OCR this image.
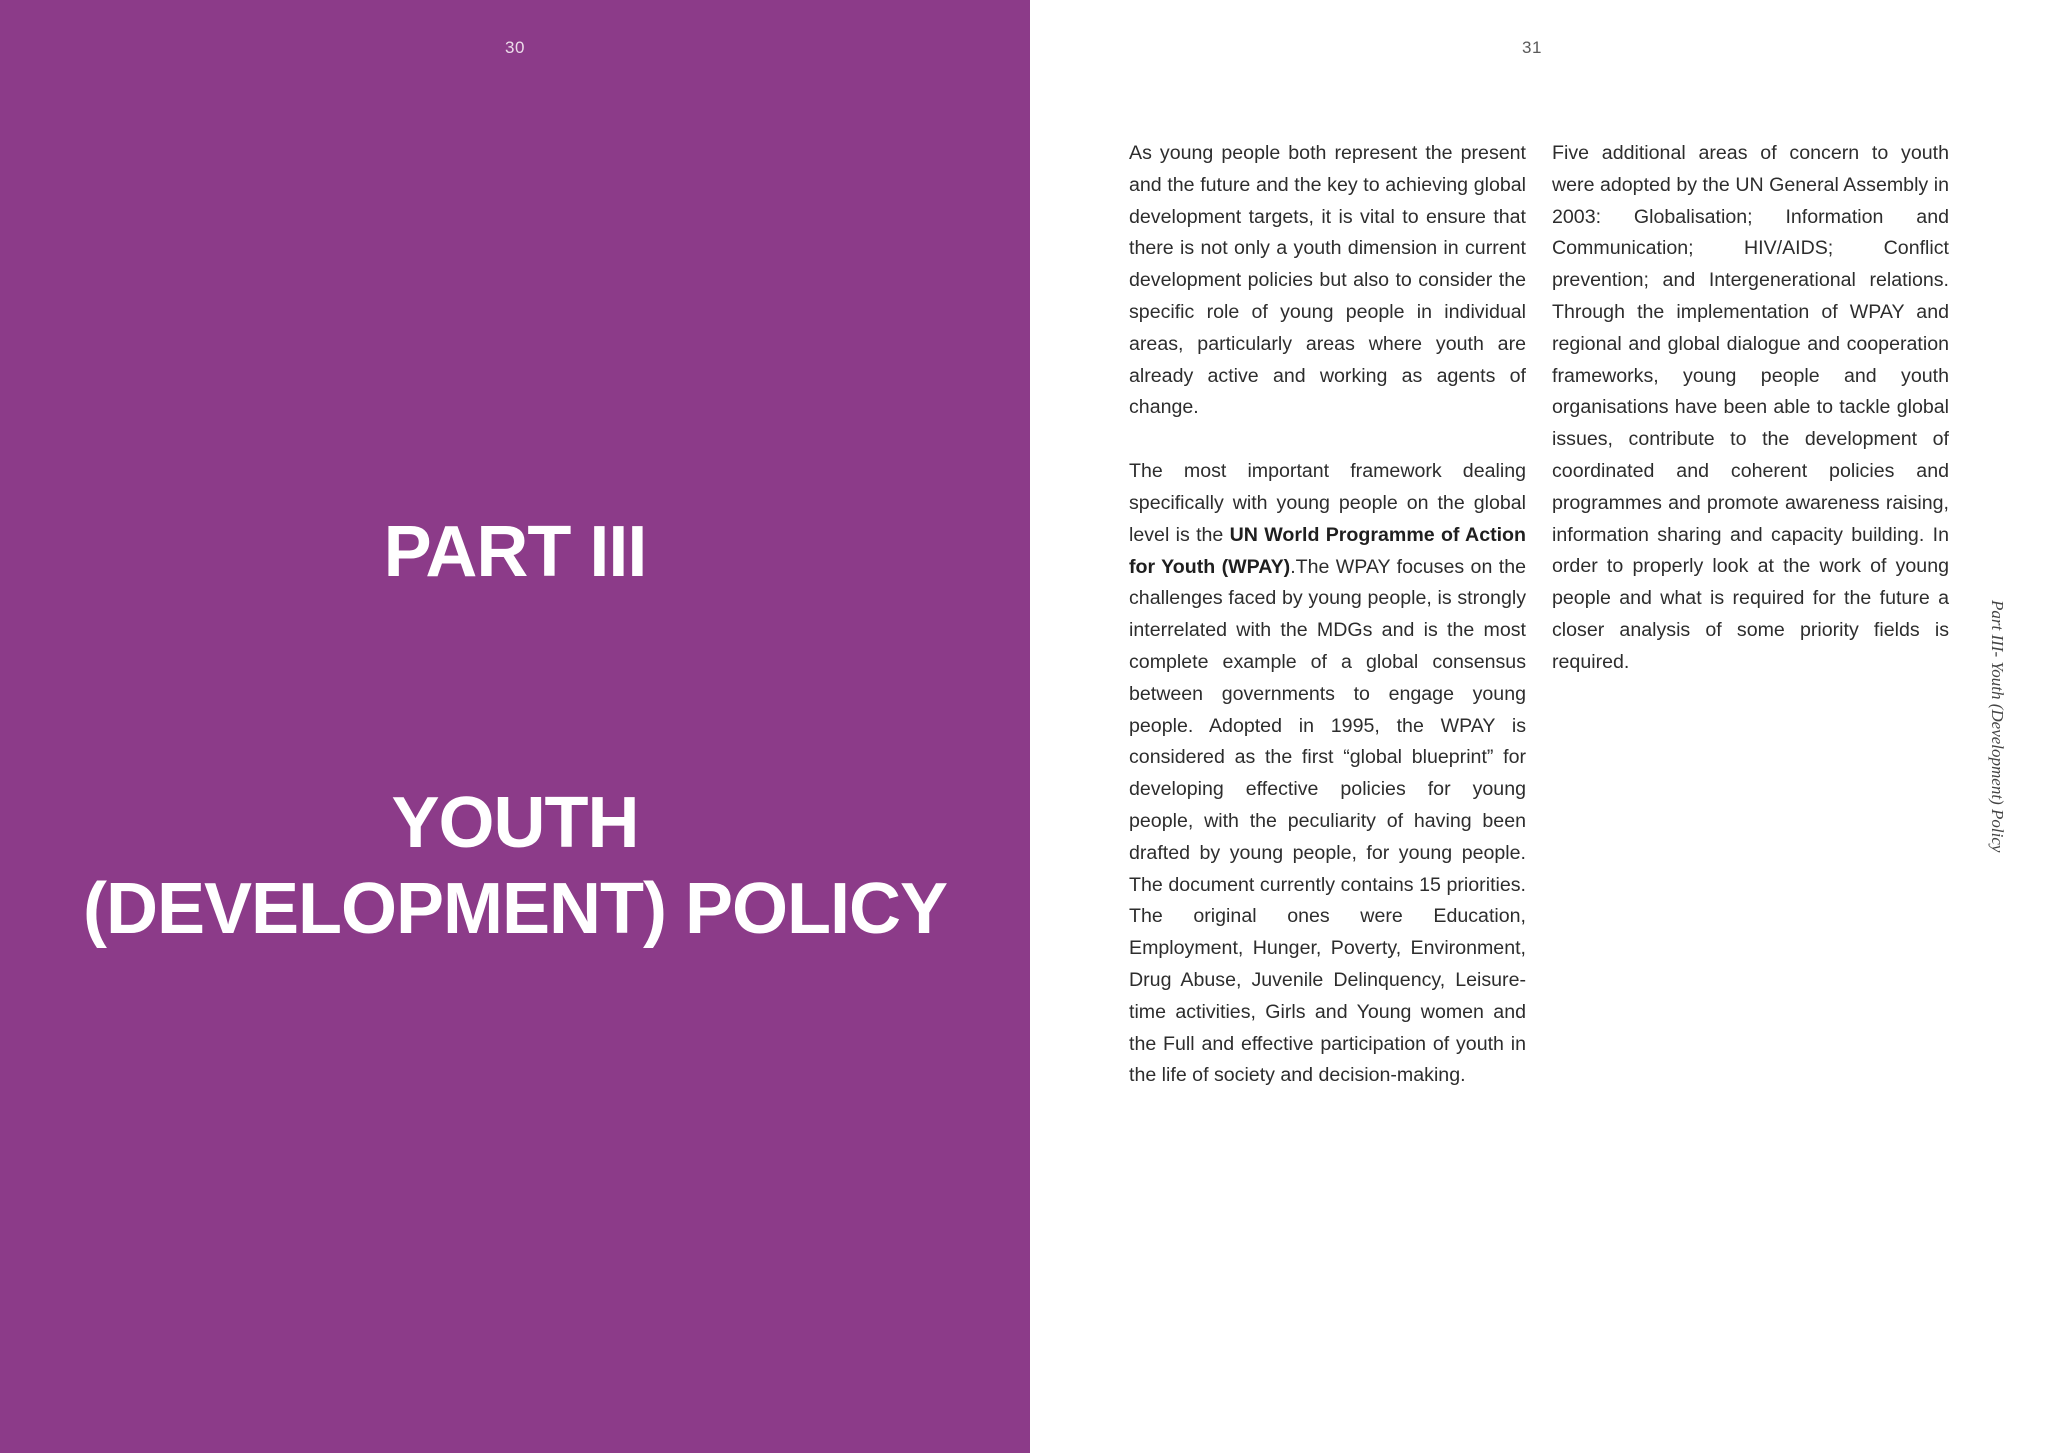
30
PART III
YOUTH
(DEVELOPMENT) POLICY
31

As young people both represent the present and the future and the key to achieving global development targets, it is vital to ensure that there is not only a youth dimension in current development policies but also to consider the specific role of young people in individual areas, particularly areas where youth are already active and working as agents of change.

The most important framework dealing specifically with young people on the global level is the UN World Programme of Action for Youth (WPAY).The WPAY focuses on the challenges faced by young people, is strongly interrelated with the MDGs and is the most complete example of a global consensus between governments to engage young people. Adopted in 1995, the WPAY is considered as the first “global blueprint” for developing effective policies for young people, with the peculiarity of having been drafted by young people, for young people. The document currently contains 15 priorities. The original ones were Education, Employment, Hunger, Poverty, Environment, Drug Abuse, Juvenile Delinquency, Leisure-time activities, Girls and Young women and the Full and effective participation of youth in the life of society and decision-making.

Five additional areas of concern to youth were adopted by the UN General Assembly in 2003: Globalisation; Information and Communication; HIV/AIDS; Conflict prevention; and Intergenerational relations. Through the implementation of WPAY and regional and global dialogue and cooperation frameworks, young people and youth organisations have been able to tackle global issues, contribute to the development of coordinated and coherent policies and programmes and promote awareness raising, information sharing and capacity building. In order to properly look at the work of young people and what is required for the future a closer analysis of some priority fields is required.	Part III- Youth (Development) Policy
